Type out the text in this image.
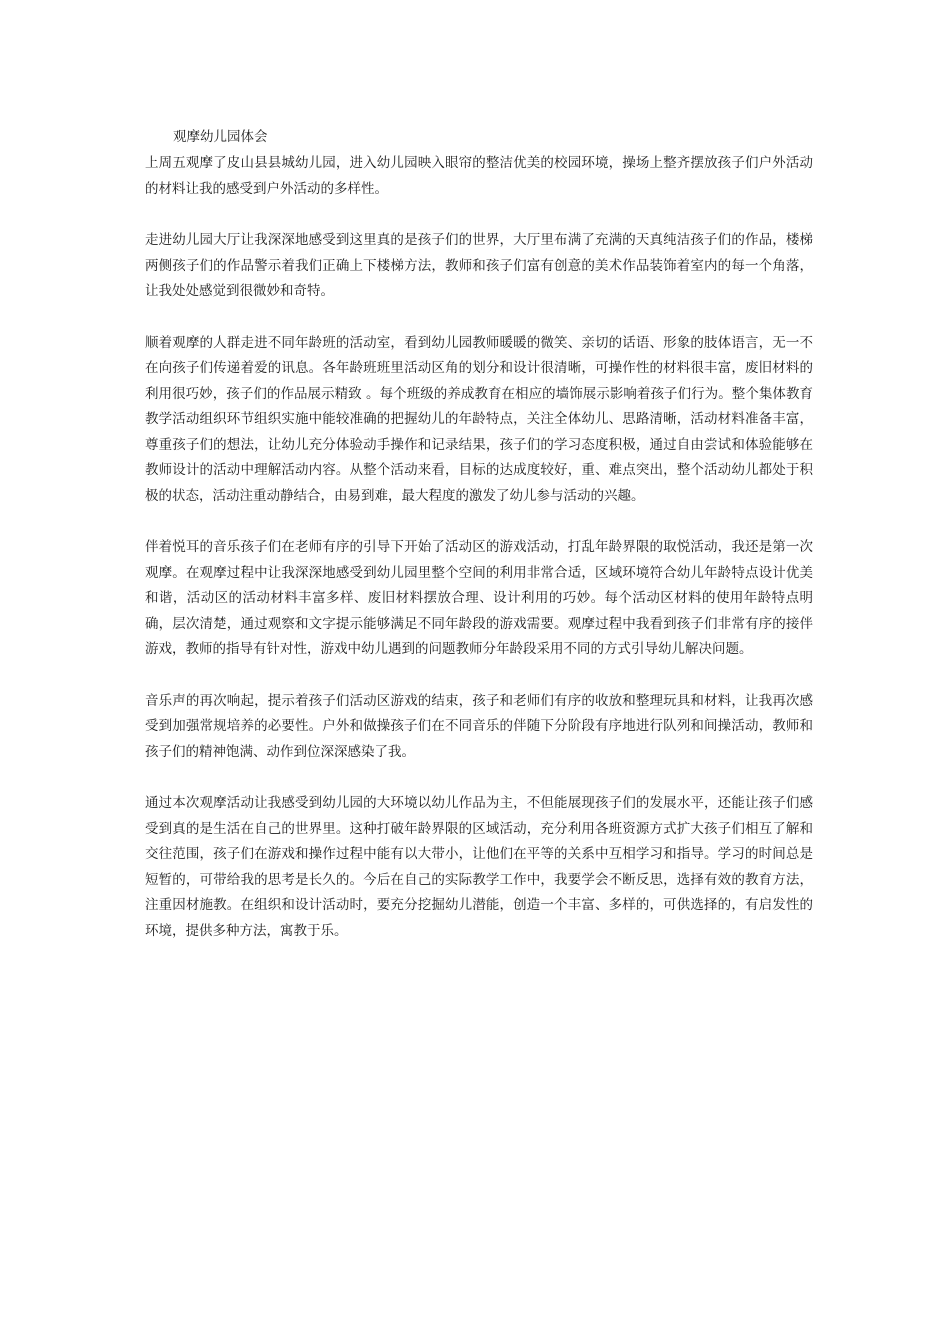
观摩幼儿园体会

上周五观摩了皮山县县城幼儿园，进入幼儿园映入眼帘的整洁优美的校园环境，操场上整齐摆放孩子们户外活动的材料让我的感受到户外活动的多样性。

走进幼儿园大厅让我深深地感受到这里真的是孩子们的世界，大厅里布满了充满的天真纯洁孩子们的作品，楼梯两侧孩子们的作品警示着我们正确上下楼梯方法，教师和孩子们富有创意的美术作品装饰着室内的每一个角落，让我处处感觉到很微妙和奇特。

顺着观摩的人群走进不同年龄班的活动室，看到幼儿园教师暖暖的微笑、亲切的话语、形象的肢体语言，无一不在向孩子们传递着爱的讯息。各年龄班班里活动区角的划分和设计很清晰，可操作性的材料很丰富，废旧材料的利用很巧妙，孩子们的作品展示精致 。每个班级的养成教育在相应的墙饰展示影响着孩子们行为。整个集体教育教学活动组织环节组织实施中能较准确的把握幼儿的年龄特点，关注全体幼儿、思路清晰，活动材料准备丰富，尊重孩子们的想法，让幼儿充分体验动手操作和记录结果，孩子们的学习态度积极，通过自由尝试和体验能够在教师设计的活动中理解活动内容。从整个活动来看，目标的达成度较好，重、难点突出，整个活动幼儿都处于积极的状态，活动注重动静结合，由易到难，最大程度的激发了幼儿参与活动的兴趣。

伴着悦耳的音乐孩子们在老师有序的引导下开始了活动区的游戏活动，打乱年龄界限的取悦活动，我还是第一次观摩。在观摩过程中让我深深地感受到幼儿园里整个空间的利用非常合适，区域环境符合幼儿年龄特点设计优美和谐，活动区的活动材料丰富多样、废旧材料摆放合理、设计利用的巧妙。每个活动区材料的使用年龄特点明确，层次清楚，通过观察和文字提示能够满足不同年龄段的游戏需要。观摩过程中我看到孩子们非常有序的接伴游戏，教师的指导有针对性，游戏中幼儿遇到的问题教师分年龄段采用不同的方式引导幼儿解决问题。

音乐声的再次响起，提示着孩子们活动区游戏的结束，孩子和老师们有序的收放和整理玩具和材料，让我再次感受到加强常规培养的必要性。户外和做操孩子们在不同音乐的伴随下分阶段有序地进行队列和间操活动，教师和孩子们的精神饱满、动作到位深深感染了我。

通过本次观摩活动让我感受到幼儿园的大环境以幼儿作品为主，不但能展现孩子们的发展水平，还能让孩子们感受到真的是生活在自己的世界里。这种打破年龄界限的区域活动，充分利用各班资源方式扩大孩子们相互了解和交往范围，孩子们在游戏和操作过程中能有以大带小，让他们在平等的关系中互相学习和指导。学习的时间总是短暂的，可带给我的思考是长久的。今后在自己的实际教学工作中，我要学会不断反思，选择有效的教育方法，注重因材施教。在组织和设计活动时，要充分挖掘幼儿潜能，创造一个丰富、多样的，可供选择的，有启发性的环境，提供多种方法，寓教于乐。
